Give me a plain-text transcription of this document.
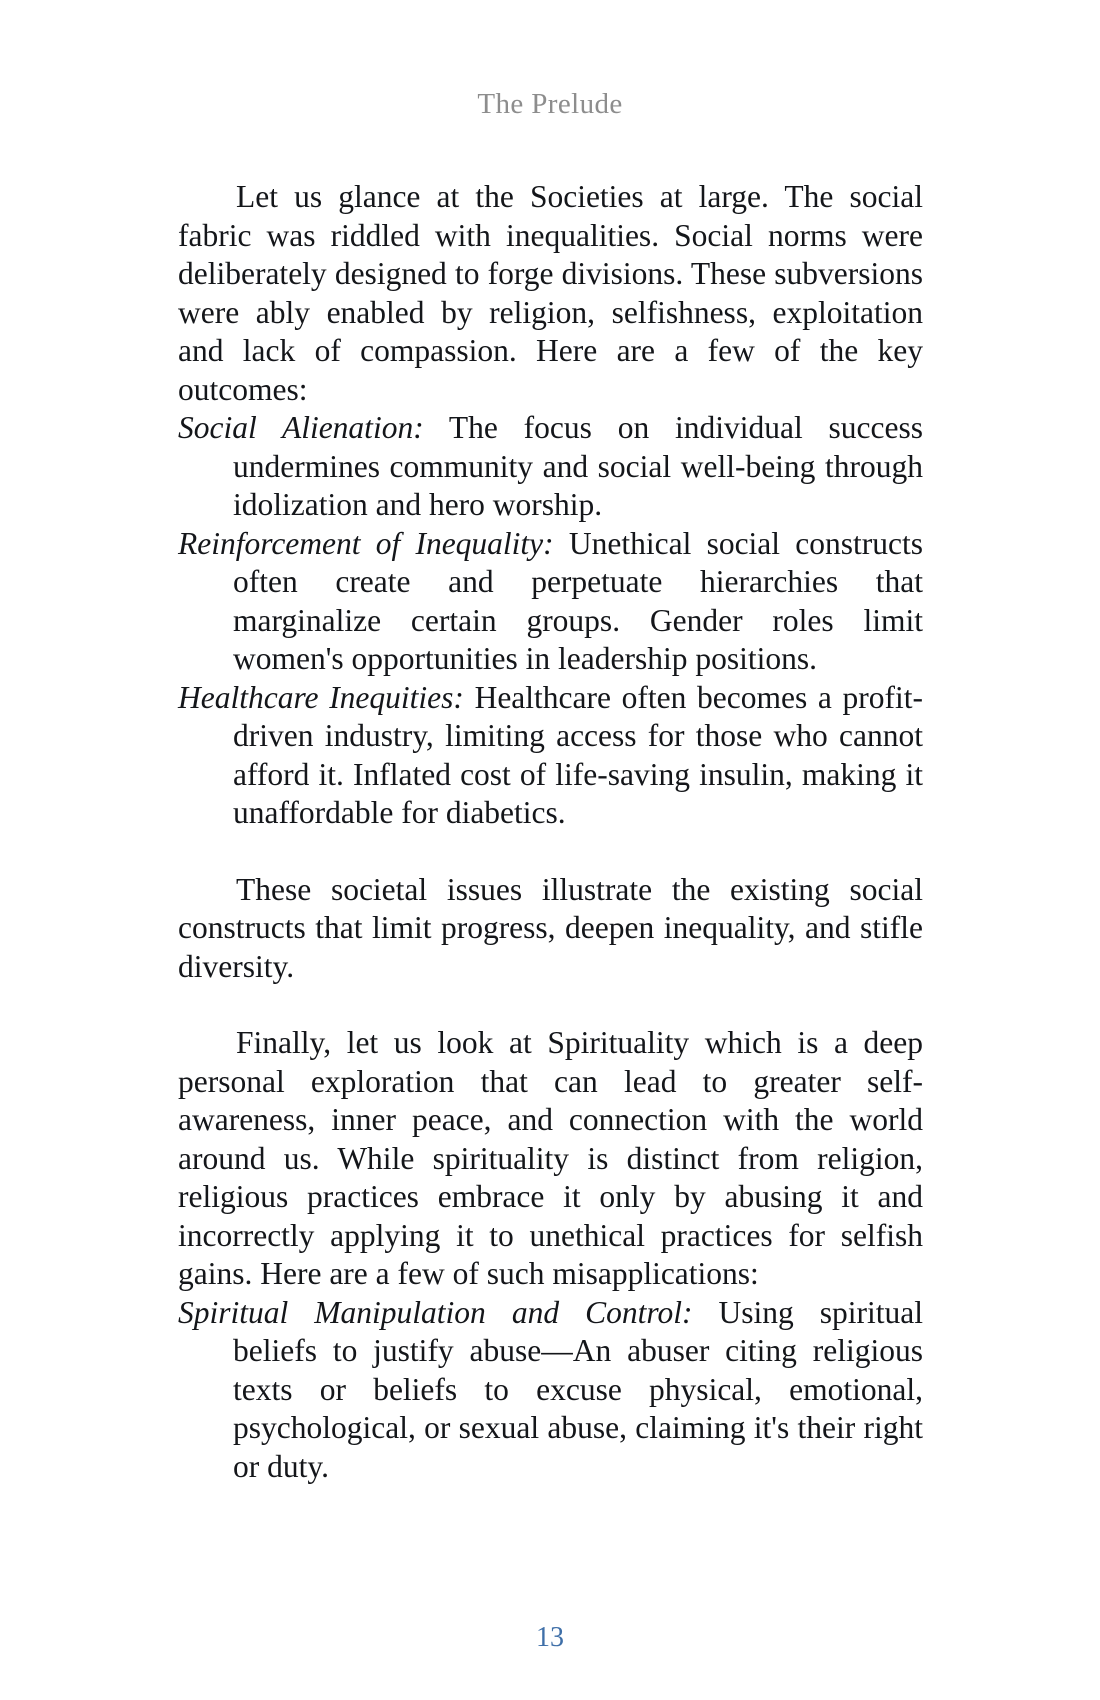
The Prelude

Let us glance at the Societies at large. The social fabric was riddled with inequalities. Social norms were deliberately designed to forge divisions. These subversions were ably enabled by religion, selfishness, exploitation and lack of compassion. Here are a few of the key outcomes:

Social Alienation: The focus on individual success undermines community and social well-being through idolization and hero worship.
Reinforcement of Inequality: Unethical social constructs often create and perpetuate hierarchies that marginalize certain groups. Gender roles limit women's opportunities in leadership positions.
Healthcare Inequities: Healthcare often becomes a profit-driven industry, limiting access for those who cannot afford it. Inflated cost of life-saving insulin, making it unaffordable for diabetics.

These societal issues illustrate the existing social constructs that limit progress, deepen inequality, and stifle diversity.

Finally, let us look at Spirituality which is a deep personal exploration that can lead to greater self-awareness, inner peace, and connection with the world around us. While spirituality is distinct from religion, religious practices embrace it only by abusing it and incorrectly applying it to unethical practices for selfish gains. Here are a few of such misapplications:

Spiritual Manipulation and Control: Using spiritual beliefs to justify abuse—An abuser citing religious texts or beliefs to excuse physical, emotional, psychological, or sexual abuse, claiming it's their right or duty.
13
